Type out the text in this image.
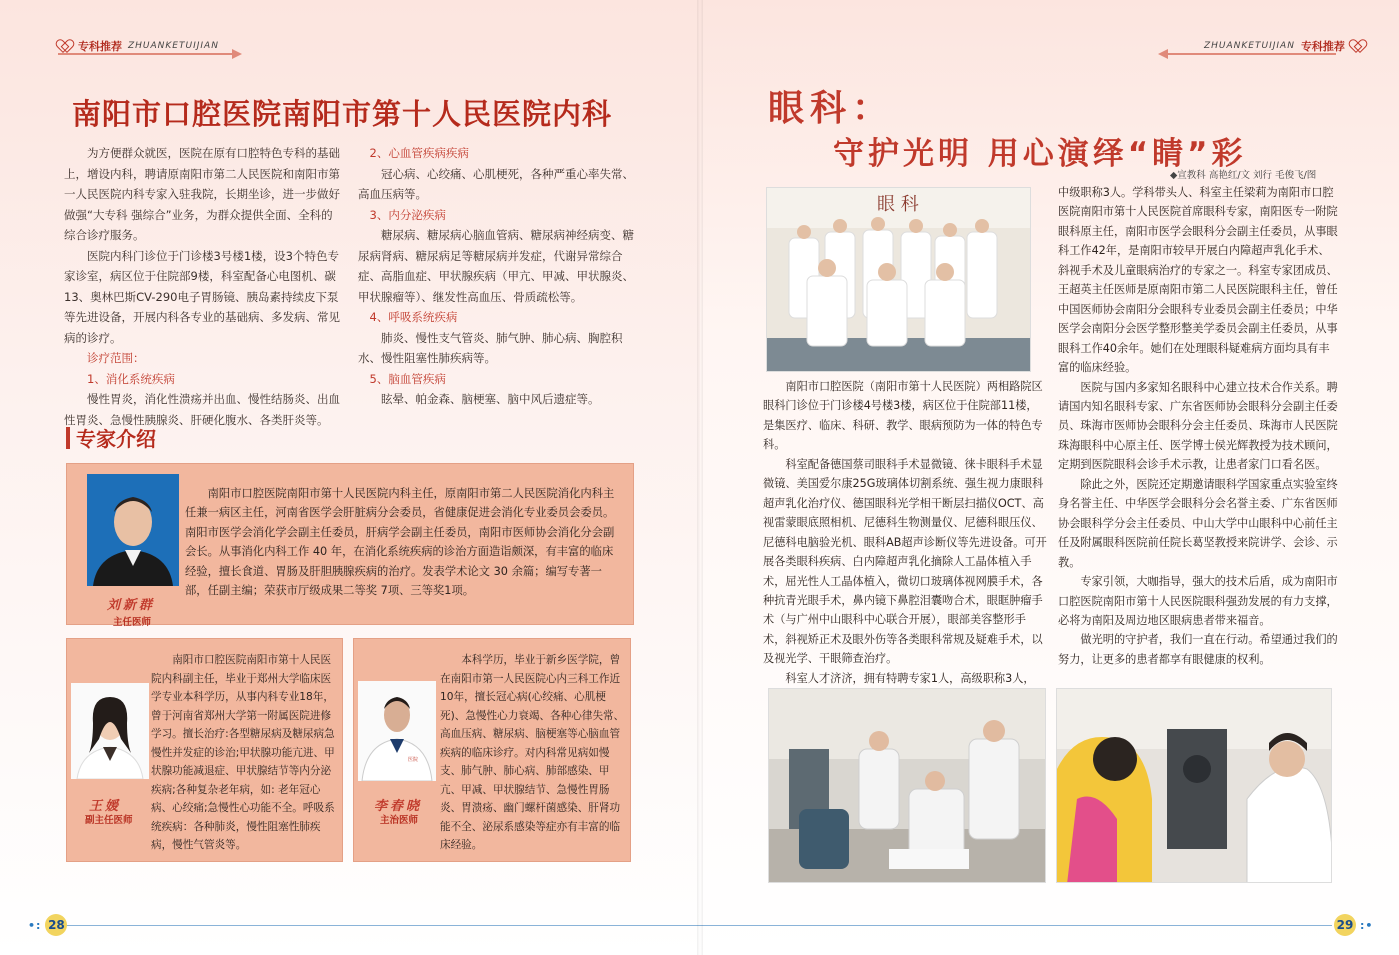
专科推荐 ZHUANKETUIJIAN
南阳市口腔医院南阳市第十人民医院内科

为方便群众就医，医院在原有口腔特色专科的基础上，增设内科，聘请原南阳市第二人民医院和南阳市第一人民医院内科专家入驻我院，长期坐诊，进一步做好做强“大专科 强综合”业务，为群众提供全面、全科的综合诊疗服务。

医院内科门诊位于门诊楼3号楼1楼，设3个特色专家诊室，病区位于住院部9楼，科室配备心电图机、碳13、奥林巴斯CV-290电子胃肠镜、胰岛素持续皮下泵等先进设备，开展内科各专业的基础病、多发病、常见病的诊疗。

诊疗范围：
1、消化系统疾病

慢性胃炎，消化性溃疡并出血、慢性结肠炎、出血性胃炎、急慢性胰腺炎、肝硬化腹水、各类肝炎等。

2、心血管疾病疾病

冠心病、心绞痛、心肌梗死，各种严重心率失常、高血压病等。

3、内分泌疾病

糖尿病、糖尿病心脑血管病、糖尿病神经病变、糖尿病肾病、糖尿病足等糖尿病并发症，代谢异常综合症、高脂血症、甲状腺疾病（甲亢、甲减、甲状腺炎、甲状腺瘤等）、继发性高血压、骨质疏松等。

4、呼吸系统疾病

肺炎、慢性支气管炎、肺气肿、肺心病、胸腔积水、慢性阻塞性肺疾病等。

5、脑血管疾病

眩晕、帕金森、脑梗塞、脑中风后遗症等。

专家介绍
刘新群
主任医师
南阳市口腔医院南阳市第十人民医院内科主任，原南阳市第二人民医院消化内科主任兼一病区主任，河南省医学会肝脏病分会委员，省健康促进会消化专业委员会委员。南阳市医学会消化学会副主任委员，肝病学会副主任委员，南阳市医师协会消化分会副会长。从事消化内科工作 40 年，在消化系统疾病的诊治方面造诣颇深，有丰富的临床经验，擅长食道、胃肠及肝胆胰腺疾病的治疗。发表学术论文 30 余篇；编写专著一部，任副主编；荣获市厅级成果二等奖 7项、三等奖1项。
王媛
副主任医师
南阳市口腔医院南阳市第十人民医院内科副主任，毕业于郑州大学临床医学专业本科学历，从事内科专业18年，曾于河南省郑州大学第一附属医院进修学习。擅长治疗:各型糖尿病及糖尿病急慢性并发症的诊治;甲状腺功能亢进、甲状腺功能减退症、甲状腺结节等内分泌疾病;各种复杂老年病，如: 老年冠心病、心绞痛;急慢性心功能不全。呼吸系统疾病：各种肺炎，慢性阻塞性肺疾病，慢性气管炎等。
医院
李春晓
主治医师
本科学历，毕业于新乡医学院，曾在南阳市第一人民医院心内三科工作近10年，擅长冠心病(心绞痛、心肌梗死)、急慢性心力衰竭、各种心律失常、高血压病、糖尿病、脑梗塞等心脑血管疾病的临床诊疗。对内科常见病如慢支、肺气肿、肺心病、肺部感染、甲亢、甲减、甲状腺结节、急慢性胃肠炎、胃溃疡、幽门螺杆菌感染、肝肾功能不全、泌尿系感染等症亦有丰富的临床经验。
•: 28
ZHUANKETUIJIAN 专科推荐
29 :•
眼科：
守护光明 用心演绎“睛”彩
◆宣教科 高艳红/文 刘行 毛俊飞/图
眼 科

南阳市口腔医院（南阳市第十人民医院）两相路院区眼科门诊位于门诊楼4号楼3楼，病区位于住院部11楼，是集医疗、临床、科研、教学、眼病预防为一体的特色专科。

科室配备德国蔡司眼科手术显微镜、徕卡眼科手术显微镜、美国爱尔康25G玻璃体切割系统、强生视力康眼科超声乳化治疗仪、德国眼科光学相干断层扫描仪OCT、高视雷蒙眼底照相机、尼德科生物测量仪、尼德科眼压仪、尼德科电脑验光机、眼科AB超声诊断仪等先进设备。可开展各类眼科疾病、白内障超声乳化摘除人工晶体植入手术，屈光性人工晶体植入，微切口玻璃体视网膜手术，各种抗青光眼手术，鼻内镜下鼻腔泪囊吻合术，眼眶肿瘤手术（与广州中山眼科中心联合开展），眼部美容整形手术，斜视矫正术及眼外伤等各类眼科常规及疑难手术，以及视光学、干眼筛查治疗。

科室人才济济，拥有特聘专家1人，高级职称3人，

中级职称3人。学科带头人、科室主任梁莉为南阳市口腔医院南阳市第十人民医院首席眼科专家，南阳医专一附院眼科原主任，南阳市医学会眼科分会副主任委员，从事眼科工作42年，是南阳市较早开展白内障超声乳化手术、斜视手术及儿童眼病治疗的专家之一。科室专家团成员、王超英主任医师是原南阳市第二人民医院眼科主任，曾任中国医师协会南阳分会眼科专业委员会副主任委员；中华医学会南阳分会医学整形整美学委员会副主任委员，从事眼科工作40余年。她们在处理眼科疑难病方面均具有丰富的临床经验。

医院与国内多家知名眼科中心建立技术合作关系。聘请国内知名眼科专家、广东省医师协会眼科分会副主任委员、珠海市医师协会眼科分会主任委员、珠海市人民医院珠海眼科中心原主任、医学博士侯光辉教授为技术顾问，定期到医院眼科会诊手术示教，让患者家门口看名医。

除此之外，医院还定期邀请眼科学国家重点实验室终身名誉主任、中华医学会眼科分会名誉主委、广东省医师协会眼科学分会主任委员、中山大学中山眼科中心前任主任及附属眼科医院前任院长葛坚教授来院讲学、会诊、示教。

专家引领，大咖指导，强大的技术后盾，成为南阳市口腔医院南阳市第十人民医院眼科强劲发展的有力支撑，必将为南阳及周边地区眼病患者带来福音。

做光明的守护者，我们一直在行动。希望通过我们的努力，让更多的患者都享有眼健康的权利。
